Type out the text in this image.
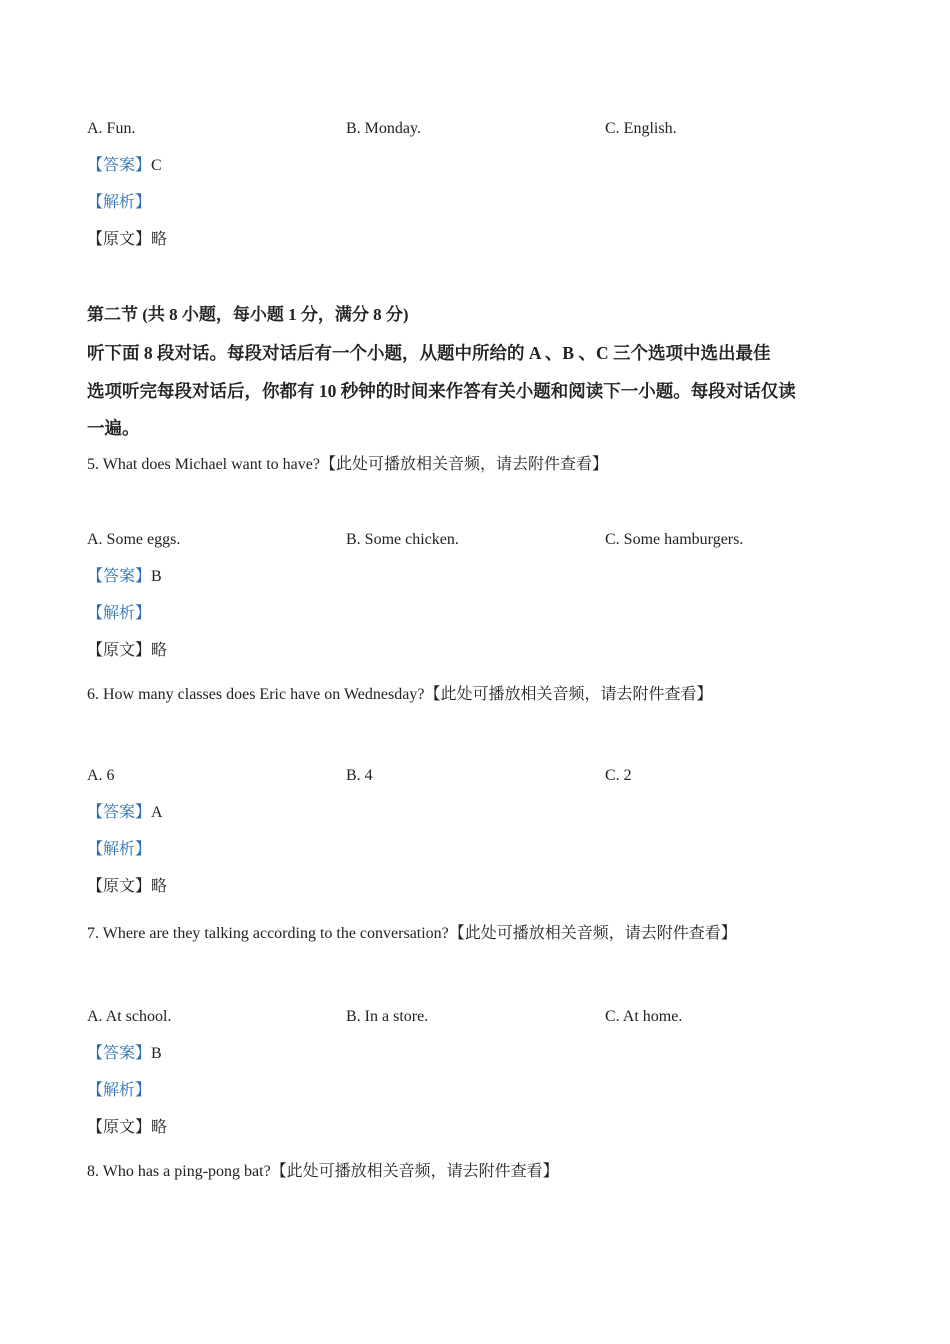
A. Fun.	B. Monday.	C. English.
【答案】C
【解析】
【原文】略
第二节 (共 8 小题，每小题 1 分，满分 8 分)
听下面 8 段对话。每段对话后有一个小题，从题中所给的 A 、B 、C 三个选项中选出最佳
选项听完每段对话后，你都有 10 秒钟的时间来作答有关小题和阅读下一小题。每段对话仅读
一遍。
5. What does Michael want to have?【此处可播放相关音频，请去附件查看】
A. Some eggs.	B. Some chicken.	C. Some hamburgers.
【答案】B
【解析】
【原文】略
6. How many classes does Eric have on Wednesday?【此处可播放相关音频，请去附件查看】
A. 6	B. 4	C. 2
【答案】A
【解析】
【原文】略
7. Where are they talking according to the conversation?【此处可播放相关音频，请去附件查看】
A. At school.	B. In a store.	C. At home.
【答案】B
【解析】
【原文】略
8. Who has a ping-pong bat?【此处可播放相关音频，请去附件查看】
